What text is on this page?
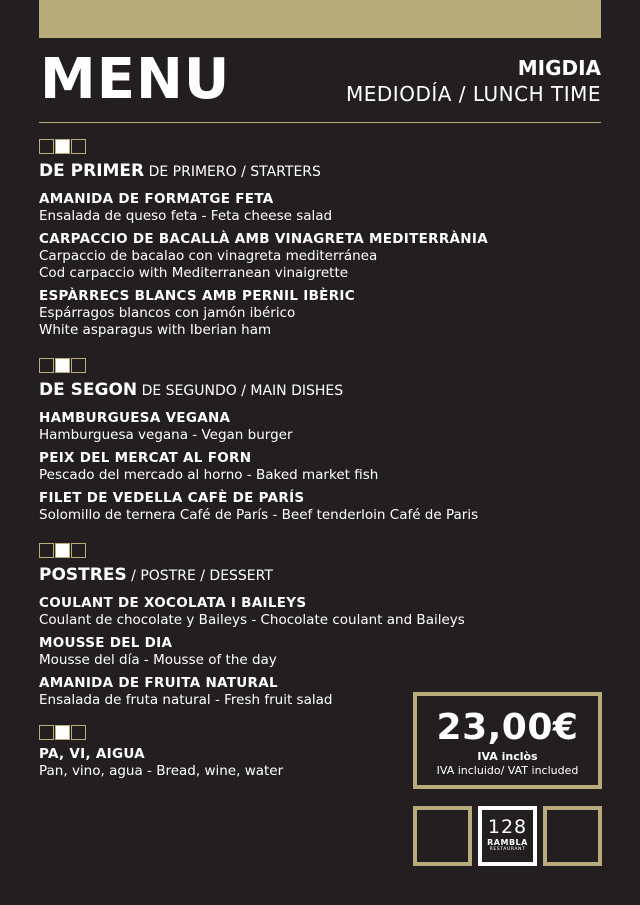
MENU	MIGDIA
MEDIODÍA / LUNCH TIME
DE PRIMER DE PRIMERO / STARTERS
AMANIDA DE FORMATGE FETA
Ensalada de queso feta - Feta cheese salad
CARPACCIO DE BACALLÀ AMB VINAGRETA MEDITERRÀNIA
Carpaccio de bacalao con vinagreta mediterránea
Cod carpaccio with Mediterranean vinaigrette
ESPÀRRECS BLANCS AMB PERNIL IBÈRIC
Espárragos blancos con jamón ibérico
White asparagus with Iberian ham
DE SEGON DE SEGUNDO / MAIN DISHES
HAMBURGUESA VEGANA
Hamburguesa vegana - Vegan burger
PEIX DEL MERCAT AL FORN
Pescado del mercado al horno - Baked market fish
FILET DE VEDELLA CAFÈ DE PARÍS
Solomillo de ternera Café de París - Beef tenderloin Café de Paris
POSTRES / POSTRE / DESSERT
COULANT DE XOCOLATA I BAILEYS
Coulant de chocolate y Baileys - Chocolate coulant and Baileys
MOUSSE DEL DIA
Mousse del día - Mousse of the day
AMANIDA DE FRUITA NATURAL
Ensalada de fruta natural - Fresh fruit salad
PA, VI, AIGUA
Pan, vino, agua - Bread, wine, water
23,00€
IVA inclòs
IVA incluido/ VAT included
128
RAMBLA
RESTAURANT
